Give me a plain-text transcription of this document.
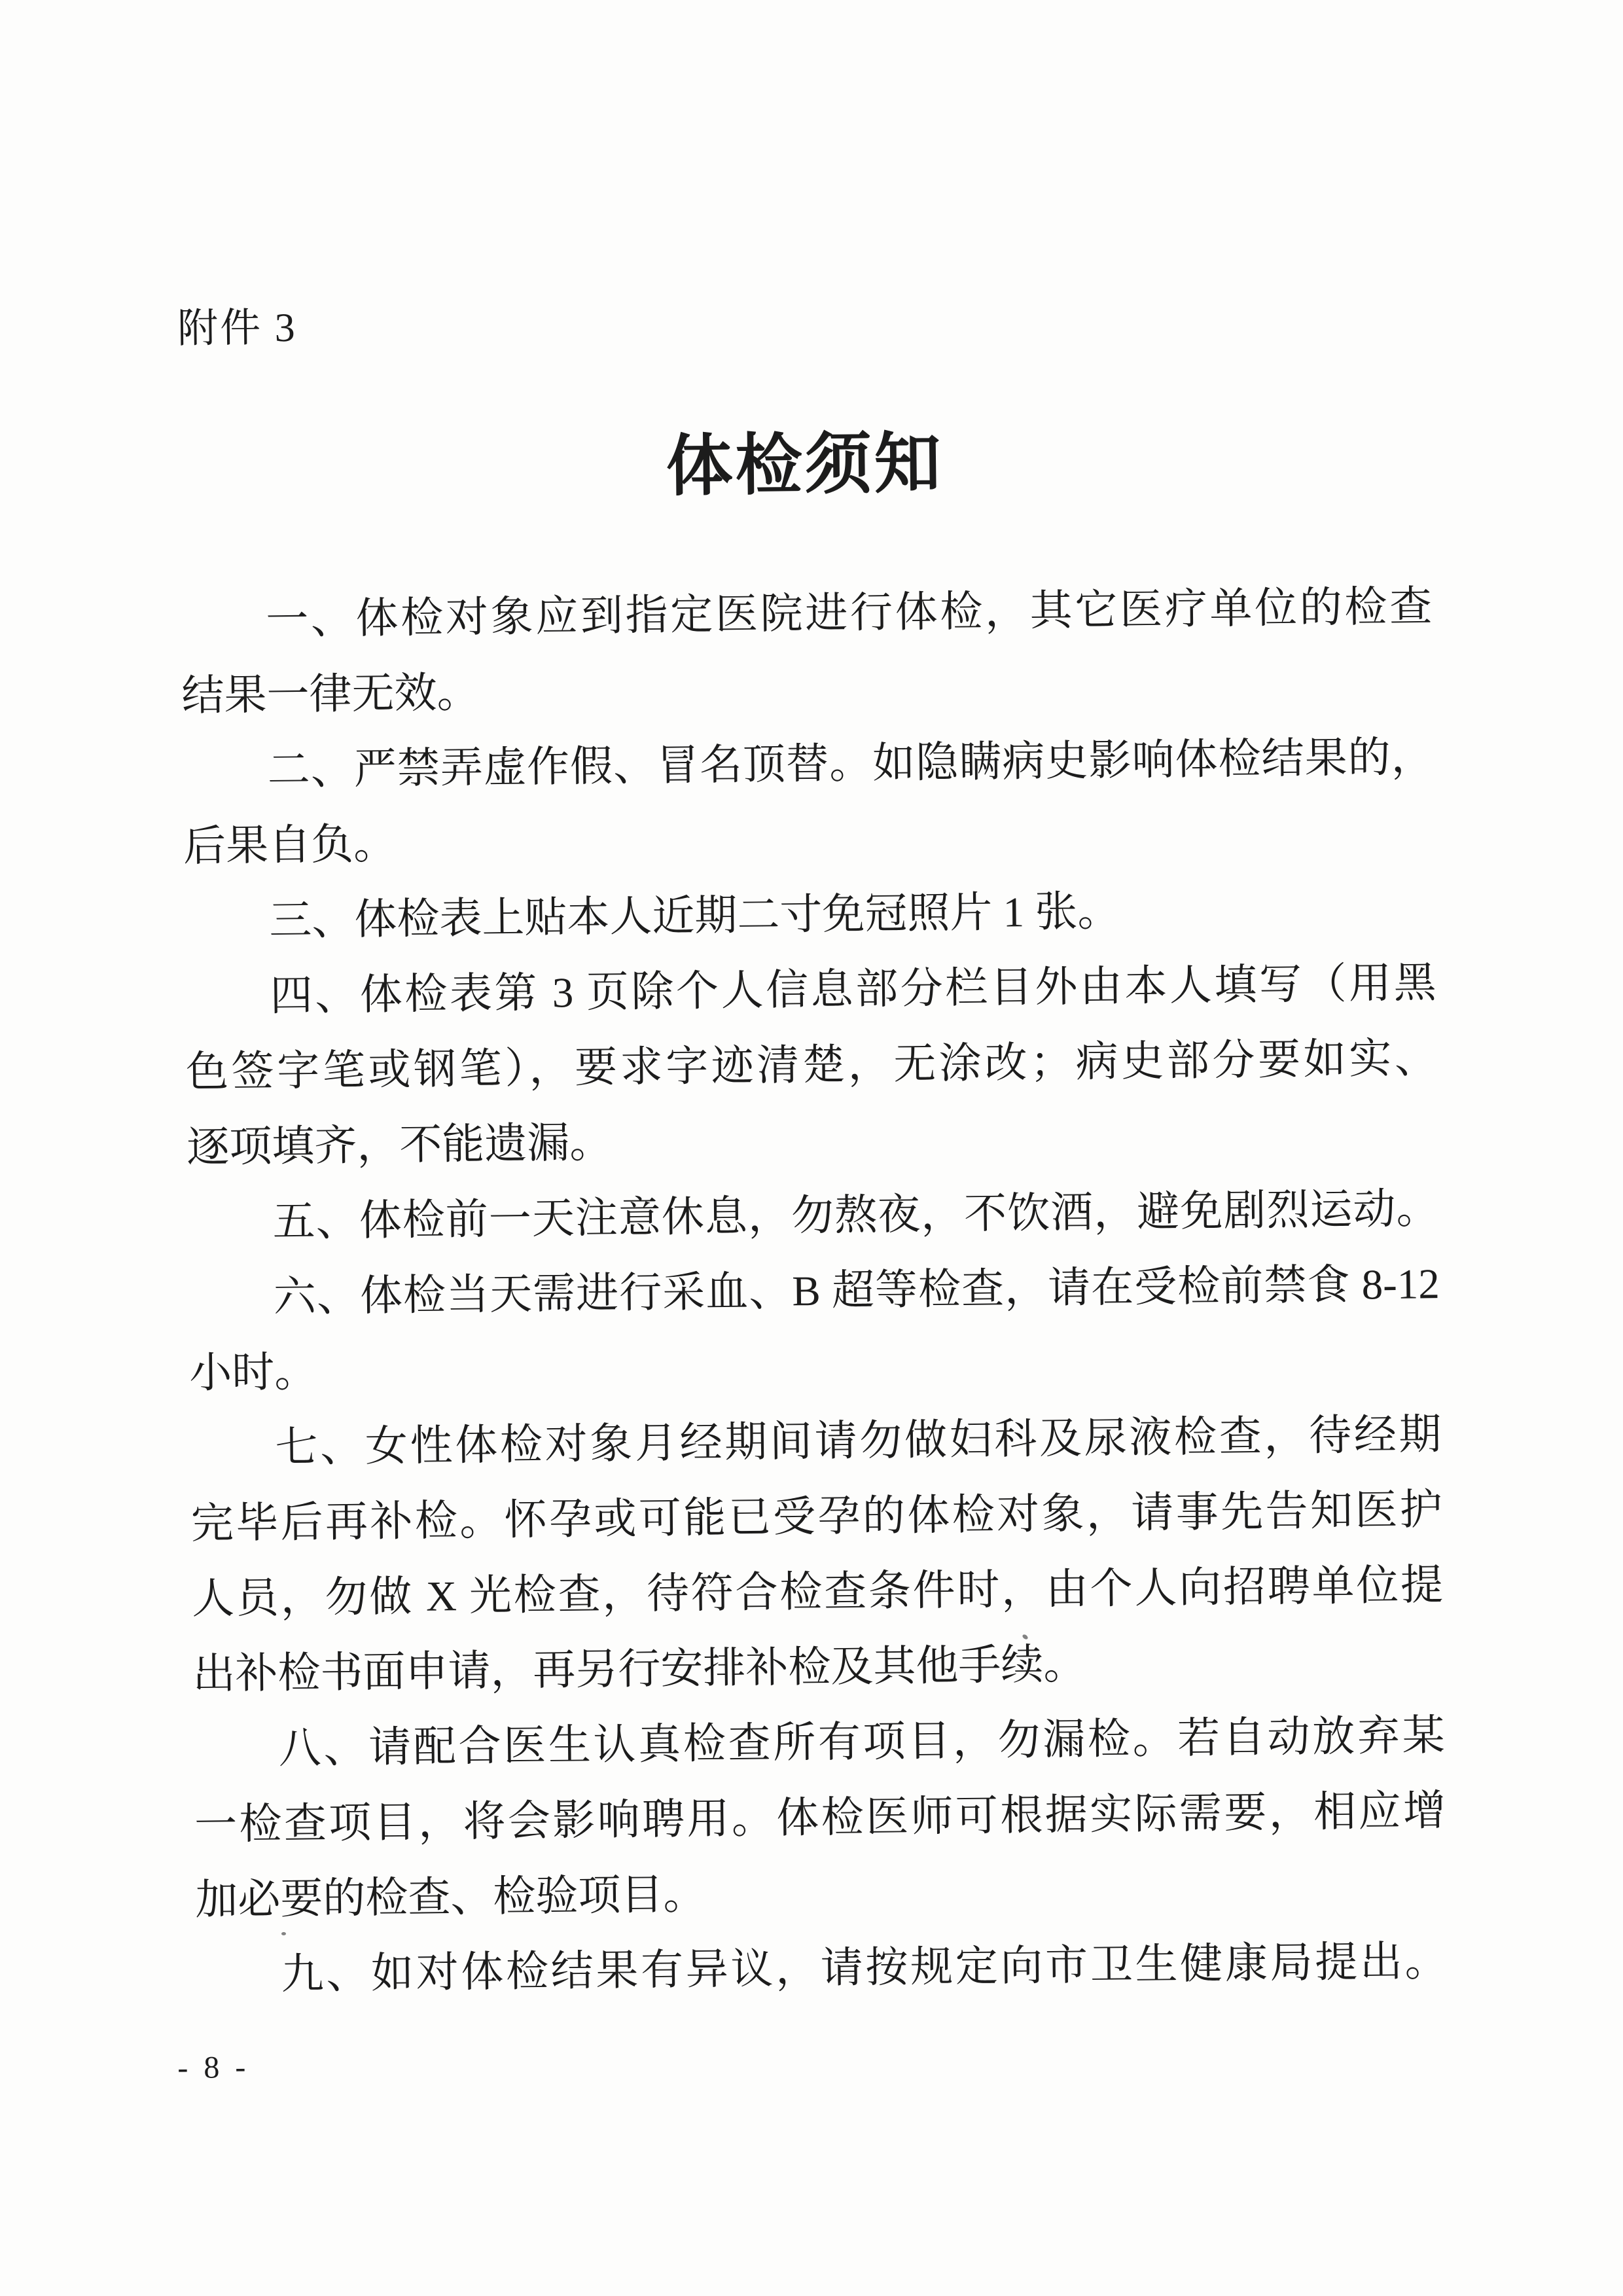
附件 3
体检须知

一、体检对象应到指定医院进行体检，其它医疗单位的检查

结果一律无效。

二、严禁弄虚作假、冒名顶替。如隐瞒病史影响体检结果的，

后果自负。

三、体检表上贴本人近期二寸免冠照片 1 张。

四、体检表第 3 页除个人信息部分栏目外由本人填写（用黑

色签字笔或钢笔），要求字迹清楚，无涂改；病史部分要如实、

逐项填齐，不能遗漏。

五、体检前一天注意休息，勿熬夜，不饮酒，避免剧烈运动。

六、体检当天需进行采血、B 超等检查，请在受检前禁食 8-12

小时。

七、女性体检对象月经期间请勿做妇科及尿液检查，待经期

完毕后再补检。怀孕或可能已受孕的体检对象，请事先告知医护

人员，勿做 X 光检查，待符合检查条件时，由个人向招聘单位提

出补检书面申请，再另行安排补检及其他手续。

八、请配合医生认真检查所有项目，勿漏检。若自动放弃某

一检查项目，将会影响聘用。体检医师可根据实际需要，相应增

加必要的检查、检验项目。

九、如对体检结果有异议，请按规定向市卫生健康局提出。

- 8 -
